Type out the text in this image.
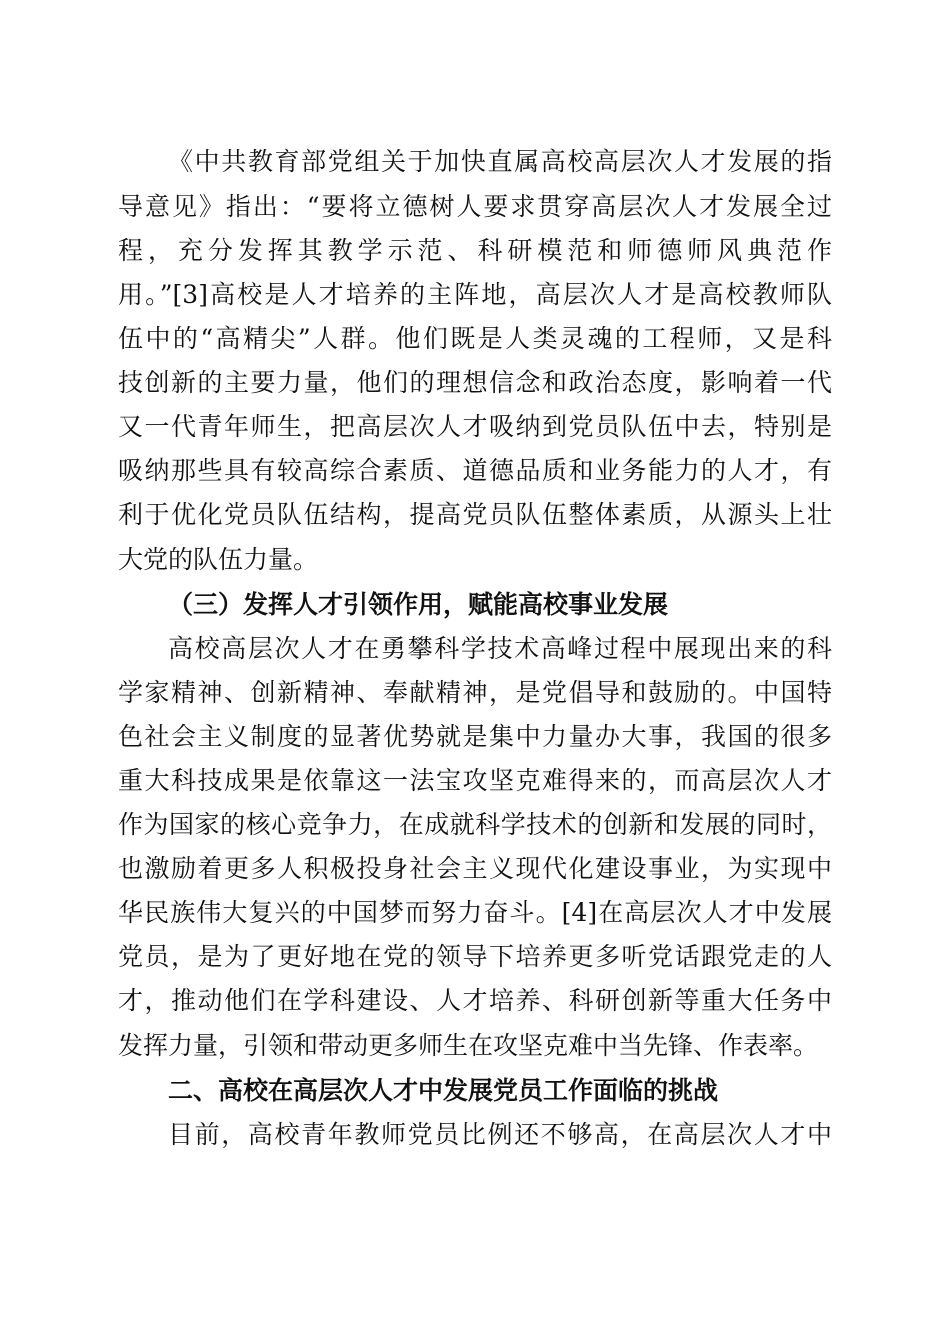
《中共教育部党组关于加快直属高校高层次人才发展的指
导意见》指出：“要将立德树人要求贯穿高层次人才发展全过
程，充分发挥其教学示范、科研模范和师德师风典范作
用。”[3]高校是人才培养的主阵地，高层次人才是高校教师队
伍中的“高精尖”人群。他们既是人类灵魂的工程师，又是科
技创新的主要力量，他们的理想信念和政治态度，影响着一代
又一代青年师生，把高层次人才吸纳到党员队伍中去，特别是
吸纳那些具有较高综合素质、道德品质和业务能力的人才，有
利于优化党员队伍结构，提高党员队伍整体素质，从源头上壮
大党的队伍力量。
（三）发挥人才引领作用，赋能高校事业发展
高校高层次人才在勇攀科学技术高峰过程中展现出来的科
学家精神、创新精神、奉献精神，是党倡导和鼓励的。中国特
色社会主义制度的显著优势就是集中力量办大事，我国的很多
重大科技成果是依靠这一法宝攻坚克难得来的，而高层次人才
作为国家的核心竞争力，在成就科学技术的创新和发展的同时，
也激励着更多人积极投身社会主义现代化建设事业，为实现中
华民族伟大复兴的中国梦而努力奋斗。[4]在高层次人才中发展
党员，是为了更好地在党的领导下培养更多听党话跟党走的人
才，推动他们在学科建设、人才培养、科研创新等重大任务中
发挥力量，引领和带动更多师生在攻坚克难中当先锋、作表率。
二、高校在高层次人才中发展党员工作面临的挑战
目前，高校青年教师党员比例还不够高，在高层次人才中
